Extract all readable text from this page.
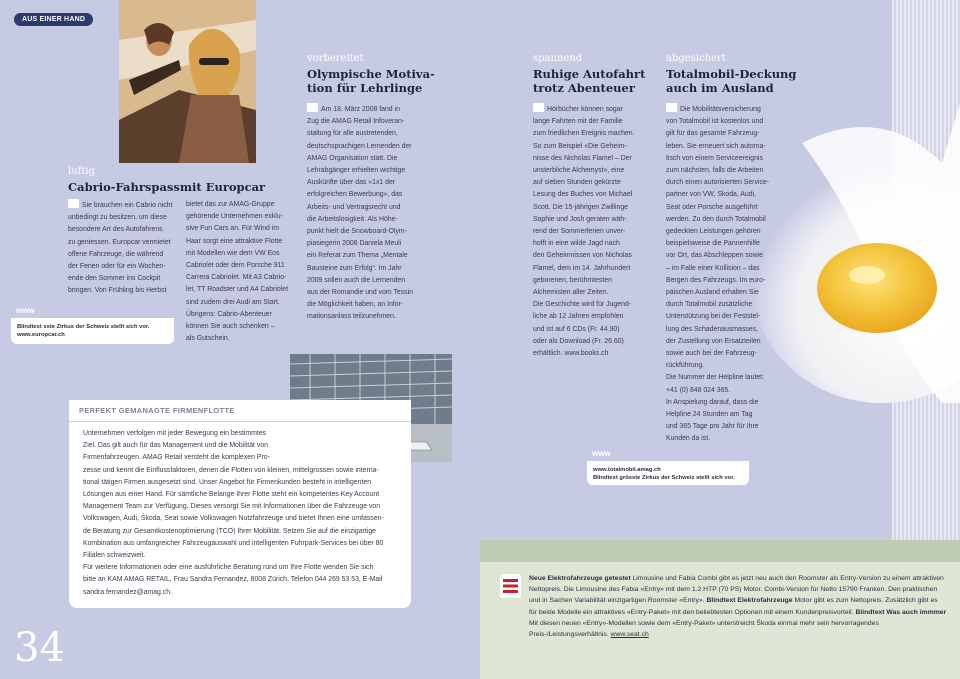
AUS EINER HAND
luftig
Cabrio-Fahrspassmit Europcar

Sie brauchen ein Cabrio nicht

unbedingt zu besitzen, um diese

besondere Art des Autofahrens

zu geniessen. Europcar vermietet

offene Fahrzeuge, die während

der Ferien oder für ein Wochen-

ende den Sommer ins Cockpit

bringen. Von Frühling bis Herbst

bietet das zur AMAG-Gruppe

gehörende Unternehmen exklu-

sive Fun Cars an. Für Wind im

Haar sorgt eine attraktive Flotte

mit Modellen wie dem VW Eos

Cabriolet oder dem Porsche 911

Carrera Cabriolet. Mit A3 Cabrio-

let, TT Roadster und A4 Cabriolet

sind zudem drei Audi am Start.

Übrigens: Cabrio-Abenteuer

können Sie auch schenken –

als Gutschein.

www
Blindtext sste Zirkus der Schweiz stellt sich vor.
www.europcar.ch
vorbereitet
Olympische Motiva-
tion für Lehrlinge

Am 18. März 2008 fand in

Zug die AMAG Retail Infoveran-

staltung für alle austretenden,

deutschsprachigen Lernenden der

AMAG Organisation statt. Die

Lehrabgänger erhielten wichtige

Auskünfte über das «1x1 der

erfolgreichen Bewerbung», das

Arbeits- und Vertragsrecht und

die Arbeitslosigkeit. Als Höhe-

punkt hielt die Snowboard-Olym-

piasiegerin 2006 Daniela Meuli

ein Referat zum Thema „Mentale

Bausteine zum Erfolg“. Im Jahr

2009 sollen auch die Lernenden

aus der Romandie und vom Tessin

die Möglichkeit haben, an Infor-

mationsanlass teilzunehmen.

PERFEKT GEMANAGTE FIRMENFLOTTE

Unternehmen verfolgen mit jeder Bewegung ein bestimmtes

Ziel. Das gilt auch für das Management und die Mobilität von

Firmenfahrzeugen. AMAG Retail versteht die komplexen Pro-

zesse und kennt die Einflussfaktoren, denen die Flotten von kleinen, mittelgrossen sowie interna-

tional tätigen Firmen ausgesetzt sind. Unser Angebot für Firmenkunden besteht in intelligenten

Lösungen aus einer Hand. Für sämtliche Belange Ihrer Flotte steht ein kompetentes Key Account

Management Team zur Verfügung. Dieses versorgt Sie mit Informationen über die Fahrzeuge von

Volkswagen, Audi, Škoda, Seat sowie Volkswagen Nutzfahrzeuge und bietet Ihnen eine umfassen-

de Beratung zur Gesamtkostenoptimierung (TCO) Ihrer Mobilität. Setzen Sie auf die einzigartige

Kombination aus umfangreicher Fahrzeugauswahl und intelligenten Fuhrpark-Services bei über 80

Filialen schweizweit.

Für weitere Informationen oder eine ausführliche Beratung rund um Ihre Flotte wenden Sie sich

bitte an KAM AMAG RETAIL, Frau Sandra Fernandez, 8008 Zürich, Telefon 044 269 53 53, E-Mail

sandra.fernandez@amag.ch.

34
spannend
Ruhige Autofahrt
trotz Abenteuer

Hörbücher können sogar

lange Fahrten mit der Familie

zum friedlichen Ereignis machen.

So zum Beispiel «Die Geheim-

nisse des Nicholas Flamel – Der

unsterbliche Alchemyst», eine

auf sieben Stunden gekürzte

Lesung des Buches von Michael

Scott. Die 15-jährigen Zwillinge

Sophie und Josh geraten wäh-

rend der Sommerferien unver-

hofft in eine wilde Jagd nach

den Geheimnissen von Nicholas

Flamel, dem im 14. Jahrhundert

geborenen, berühmtesten

Alchemisten aller Zeiten.

Die Geschichte wird für Jugend-

liche ab 12 Jahren empfohlen

und ist auf 6 CDs (Fr. 44.90)

oder als Download (Fr. 26.60)

erhältlich. www.books.ch

www
www.totalmobil.amag.ch
Blindtext grösste Zirkus der Schweiz stellt sich vor.
abgesichert
Totalmobil-Deckung
auch im Ausland

Die Mobilitätsversicherung

von Totalmobil ist kostenlos und

gilt für das gesamte Fahrzeug-

leben. Sie erneuert sich automa-

tisch von einem Serviceereignis

zum nächsten, falls die Arbeiten

durch einen autorisierten Service-

partner von VW, Skoda, Audi,

Seat oder Porsche ausgeführt

werden. Zu den durch Totalmobil

gedeckten Leistungen gehören

beispielsweise die Pannenhilfe

vor Ort, das Abschleppen sowie

– im Falle einer Kollision – das

Bergen des Fahrzeugs. Im euro-

päischen Ausland erhalten Sie

durch Totalmobil zusätzliche

Unterstützung bei der Feststel-

lung des Schadenausmasses,

der Zustellung von Ersatzteilen

sowie auch bei der Fahrzeug-

rückführung.

Die Nummer der Helpline lautet:

+41 (0) 848 024 365.

In Anspielung darauf, dass die

Helpline 24 Stunden am Tag

und 365 Tage pro Jahr für Ihre

Kunden da ist.

Neue Elektrofahrzeuge getestet Limousine und Fabia Combi gibt es jetzt neu auch den Roomster als Entry-Version zu einem attraktiven Nettopreis. Die Limousine des Fabia «Entry» mit dem 1.2 HTP (70 PS) Motor. Combi-Version für Netto 15790 Franken. Den praktischen und in Sachen Variabilität einzigartigen Roomster «Entry». Blindtext Elektrofahrzeuge Motor gibt es zum Nettopreis. Zusätzlich gibt es für beide Modelle ein attraktives «Entry-Paket» mit den beliebtesten Optionen mit einem Kundenpreisvorteil. Blindtext Was auch immmer Mit diesen neuen «Entry»-Modellen sowie dem «Entry-Paket» unterstreicht Škoda einmal mehr sein hervorragendes Preis-/Leistungsverhältnis. www.seat.ch
